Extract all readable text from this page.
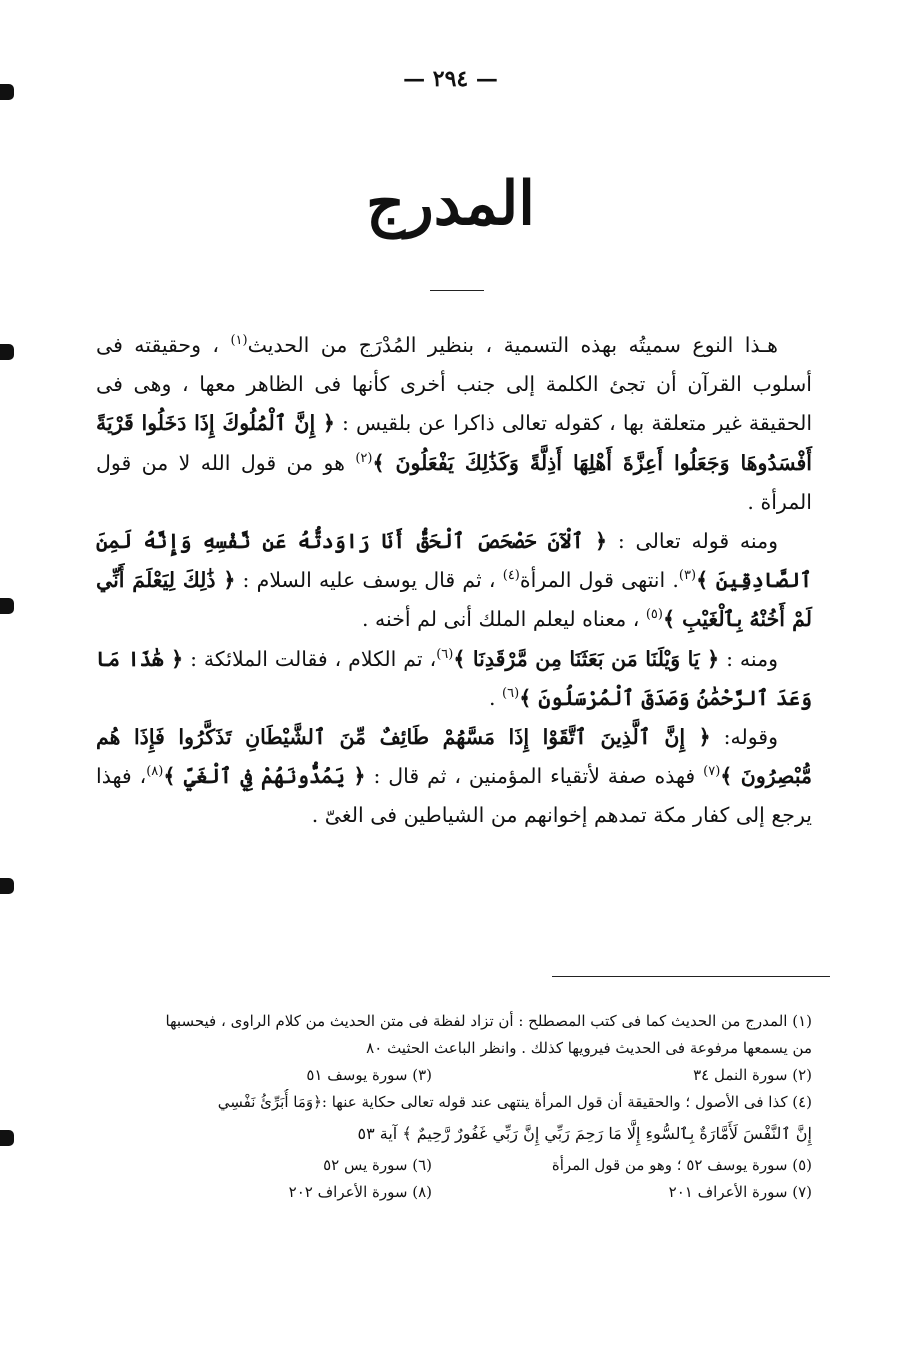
— ٢٩٤ —
المدرج

هـذا النوع سميتُه بهذه التسمية ، بنظير المُدْرَج من الحديث$^{(١)}$ ، وحقيقته فى أسلوب القرآن أن تجئ الكلمة إلى جنب أخرى كأنها فى الظاهر معها ، وهى فى الحقيقة غير متعلقة بها ، كقوله تعالى ذاكرا عن بلقيس : ﴿ إِنَّ ٱلْمُلُوكَ إِذَا دَخَلُوا قَرْيَةً أَفْسَدُوهَا وَجَعَلُوا أَعِزَّةَ أَهْلِهَا أَذِلَّةً وَكَذَٰلِكَ يَفْعَلُونَ ﴾$^{(٢)}$ هو من قول الله لا من قول المرأة .

ومنه قوله تعالى : ﴿ ٱلْآنَ حَصْحَصَ ٱلْحَقُّ أَنَا رَاوَدتُّهُ عَن نَّفْسِهِ وَإِنَّهُ لَمِنَ ٱلصَّادِقِينَ ﴾$^{(٣)}$. انتهى قول المرأة$^{(٤)}$ ، ثم قال يوسف عليه السلام : ﴿ ذَٰلِكَ لِيَعْلَمَ أَنِّي لَمْ أَخُنْهُ بِٱلْغَيْبِ ﴾$^{(٥)}$ ، معناه ليعلم الملك أنى لم أخنه .

ومنه : ﴿ يَا وَيْلَنَا مَن بَعَثَنَا مِن مَّرْقَدِنَا ﴾$^{(٦)}$، تم الكلام ، فقالت الملائكة : ﴿ هَٰذَا مَا وَعَدَ ٱلرَّحْمَٰنُ وَصَدَقَ ٱلْمُرْسَلُونَ ﴾$^{(٦)}$ .

وقوله: ﴿ إِنَّ ٱلَّذِينَ ٱتَّقَوْا إِذَا مَسَّهُمْ طَائِفٌ مِّنَ ٱلشَّيْطَانِ تَذَكَّرُوا فَإِذَا هُم مُّبْصِرُونَ ﴾$^{(٧)}$ فهذه صفة لأتقياء المؤمنين ، ثم قال : ﴿ يَمُدُّونَهُمْ فِي ٱلْغَيِّ ﴾$^{(٨)}$، فهذا يرجع إلى كفار مكة تمدهم إخوانهم من الشياطين فى الغىّ .

(١) المدرج من الحديث كما فى كتب المصطلح : أن تزاد لفظة فى متن الحديث من كلام الراوى ، فيحسبها
من يسمعها مرفوعة فى الحديث فيرويها كذلك . وانظر الباعث الحثيث ٨٠
(٢) سورة النمل ٣٤
(٣) سورة يوسف ٥١
(٤) كذا فى الأصول ؛ والحقيقة أن قول المرأة ينتهى عند قوله تعالى حكاية عنها :﴿وَمَا أُبَرِّئُ نَفْسِي
إِنَّ ٱلنَّفْسَ لَأَمَّارَةٌ بِٱلسُّوءِ إِلَّا مَا رَحِمَ رَبِّي إِنَّ رَبِّي غَفُورٌ رَّحِيمٌ ﴾ آية ٥٣
(٥) سورة يوسف ٥٢ ؛ وهو من قول المرأة
(٦) سورة يس ٥٢
(٧) سورة الأعراف ٢٠١
(٨) سورة الأعراف ٢٠٢
